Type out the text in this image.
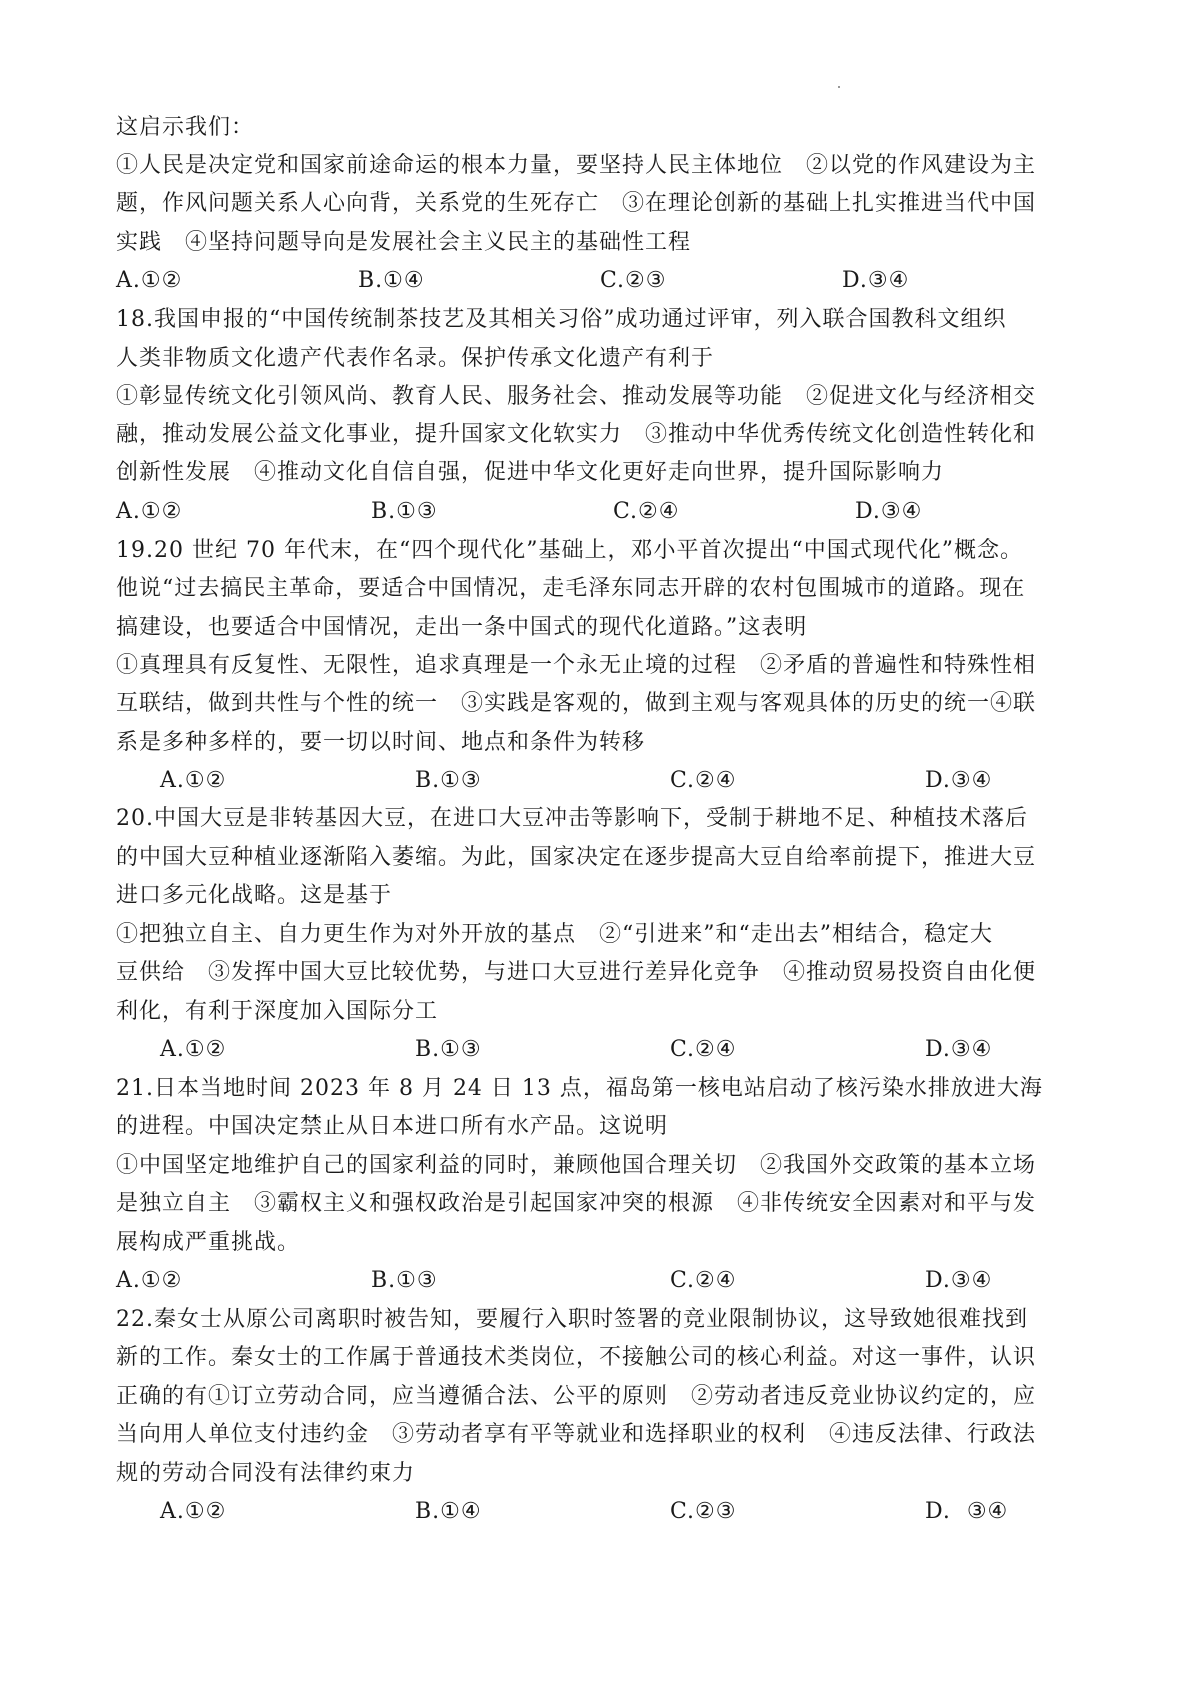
这启示我们：
①人民是决定党和国家前途命运的根本力量，要坚持人民主体地位　②以党的作风建设为主
题，作风问题关系人心向背，关系党的生死存亡　③在理论创新的基础上扎实推进当代中国
实践　④坚持问题导向是发展社会主义民主的基础性工程
A.①②	B.①④	C.②③	D.③④
18.我国申报的“中国传统制茶技艺及其相关习俗”成功通过评审，列入联合国教科文组织
人类非物质文化遗产代表作名录。保护传承文化遗产有利于
①彰显传统文化引领风尚、教育人民、服务社会、推动发展等功能　②促进文化与经济相交
融，推动发展公益文化事业，提升国家文化软实力　③推动中华优秀传统文化创造性转化和
创新性发展　④推动文化自信自强，促进中华文化更好走向世界，提升国际影响力
A.①②	B.①③	C.②④	D.③④
19.20 世纪 70 年代末，在“四个现代化”基础上，邓小平首次提出“中国式现代化”概念。
他说“过去搞民主革命，要适合中国情况，走毛泽东同志开辟的农村包围城市的道路。现在
搞建设，也要适合中国情况，走出一条中国式的现代化道路。”这表明
①真理具有反复性、无限性，追求真理是一个永无止境的过程　②矛盾的普遍性和特殊性相
互联结，做到共性与个性的统一　③实践是客观的，做到主观与客观具体的历史的统一④联
系是多种多样的，要一切以时间、地点和条件为转移
A.①②	B.①③	C.②④	D.③④
20.中国大豆是非转基因大豆，在进口大豆冲击等影响下，受制于耕地不足、种植技术落后
的中国大豆种植业逐渐陷入萎缩。为此，国家决定在逐步提高大豆自给率前提下，推进大豆
进口多元化战略。这是基于
①把独立自主、自力更生作为对外开放的基点　②“引进来”和“走出去”相结合，稳定大
豆供给　③发挥中国大豆比较优势，与进口大豆进行差异化竞争　④推动贸易投资自由化便
利化，有利于深度加入国际分工
A.①②	B.①③	C.②④	D.③④
21.日本当地时间 2023 年 8 月 24 日 13 点，福岛第一核电站启动了核污染水排放进大海
的进程。中国决定禁止从日本进口所有水产品。这说明
①中国坚定地维护自己的国家利益的同时，兼顾他国合理关切　②我国外交政策的基本立场
是独立自主　③霸权主义和强权政治是引起国家冲突的根源　④非传统安全因素对和平与发
展构成严重挑战。
A.①②	B.①③	C.②④	D.③④
22.秦女士从原公司离职时被告知，要履行入职时签署的竞业限制协议，这导致她很难找到
新的工作。秦女士的工作属于普通技术类岗位，不接触公司的核心利益。对这一事件，认识
正确的有①订立劳动合同，应当遵循合法、公平的原则　②劳动者违反竞业协议约定的，应
当向用人单位支付违约金　③劳动者享有平等就业和选择职业的权利　④违反法律、行政法
规的劳动合同没有法律约束力
A.①②	B.①④	C.②③	D.  ③④
